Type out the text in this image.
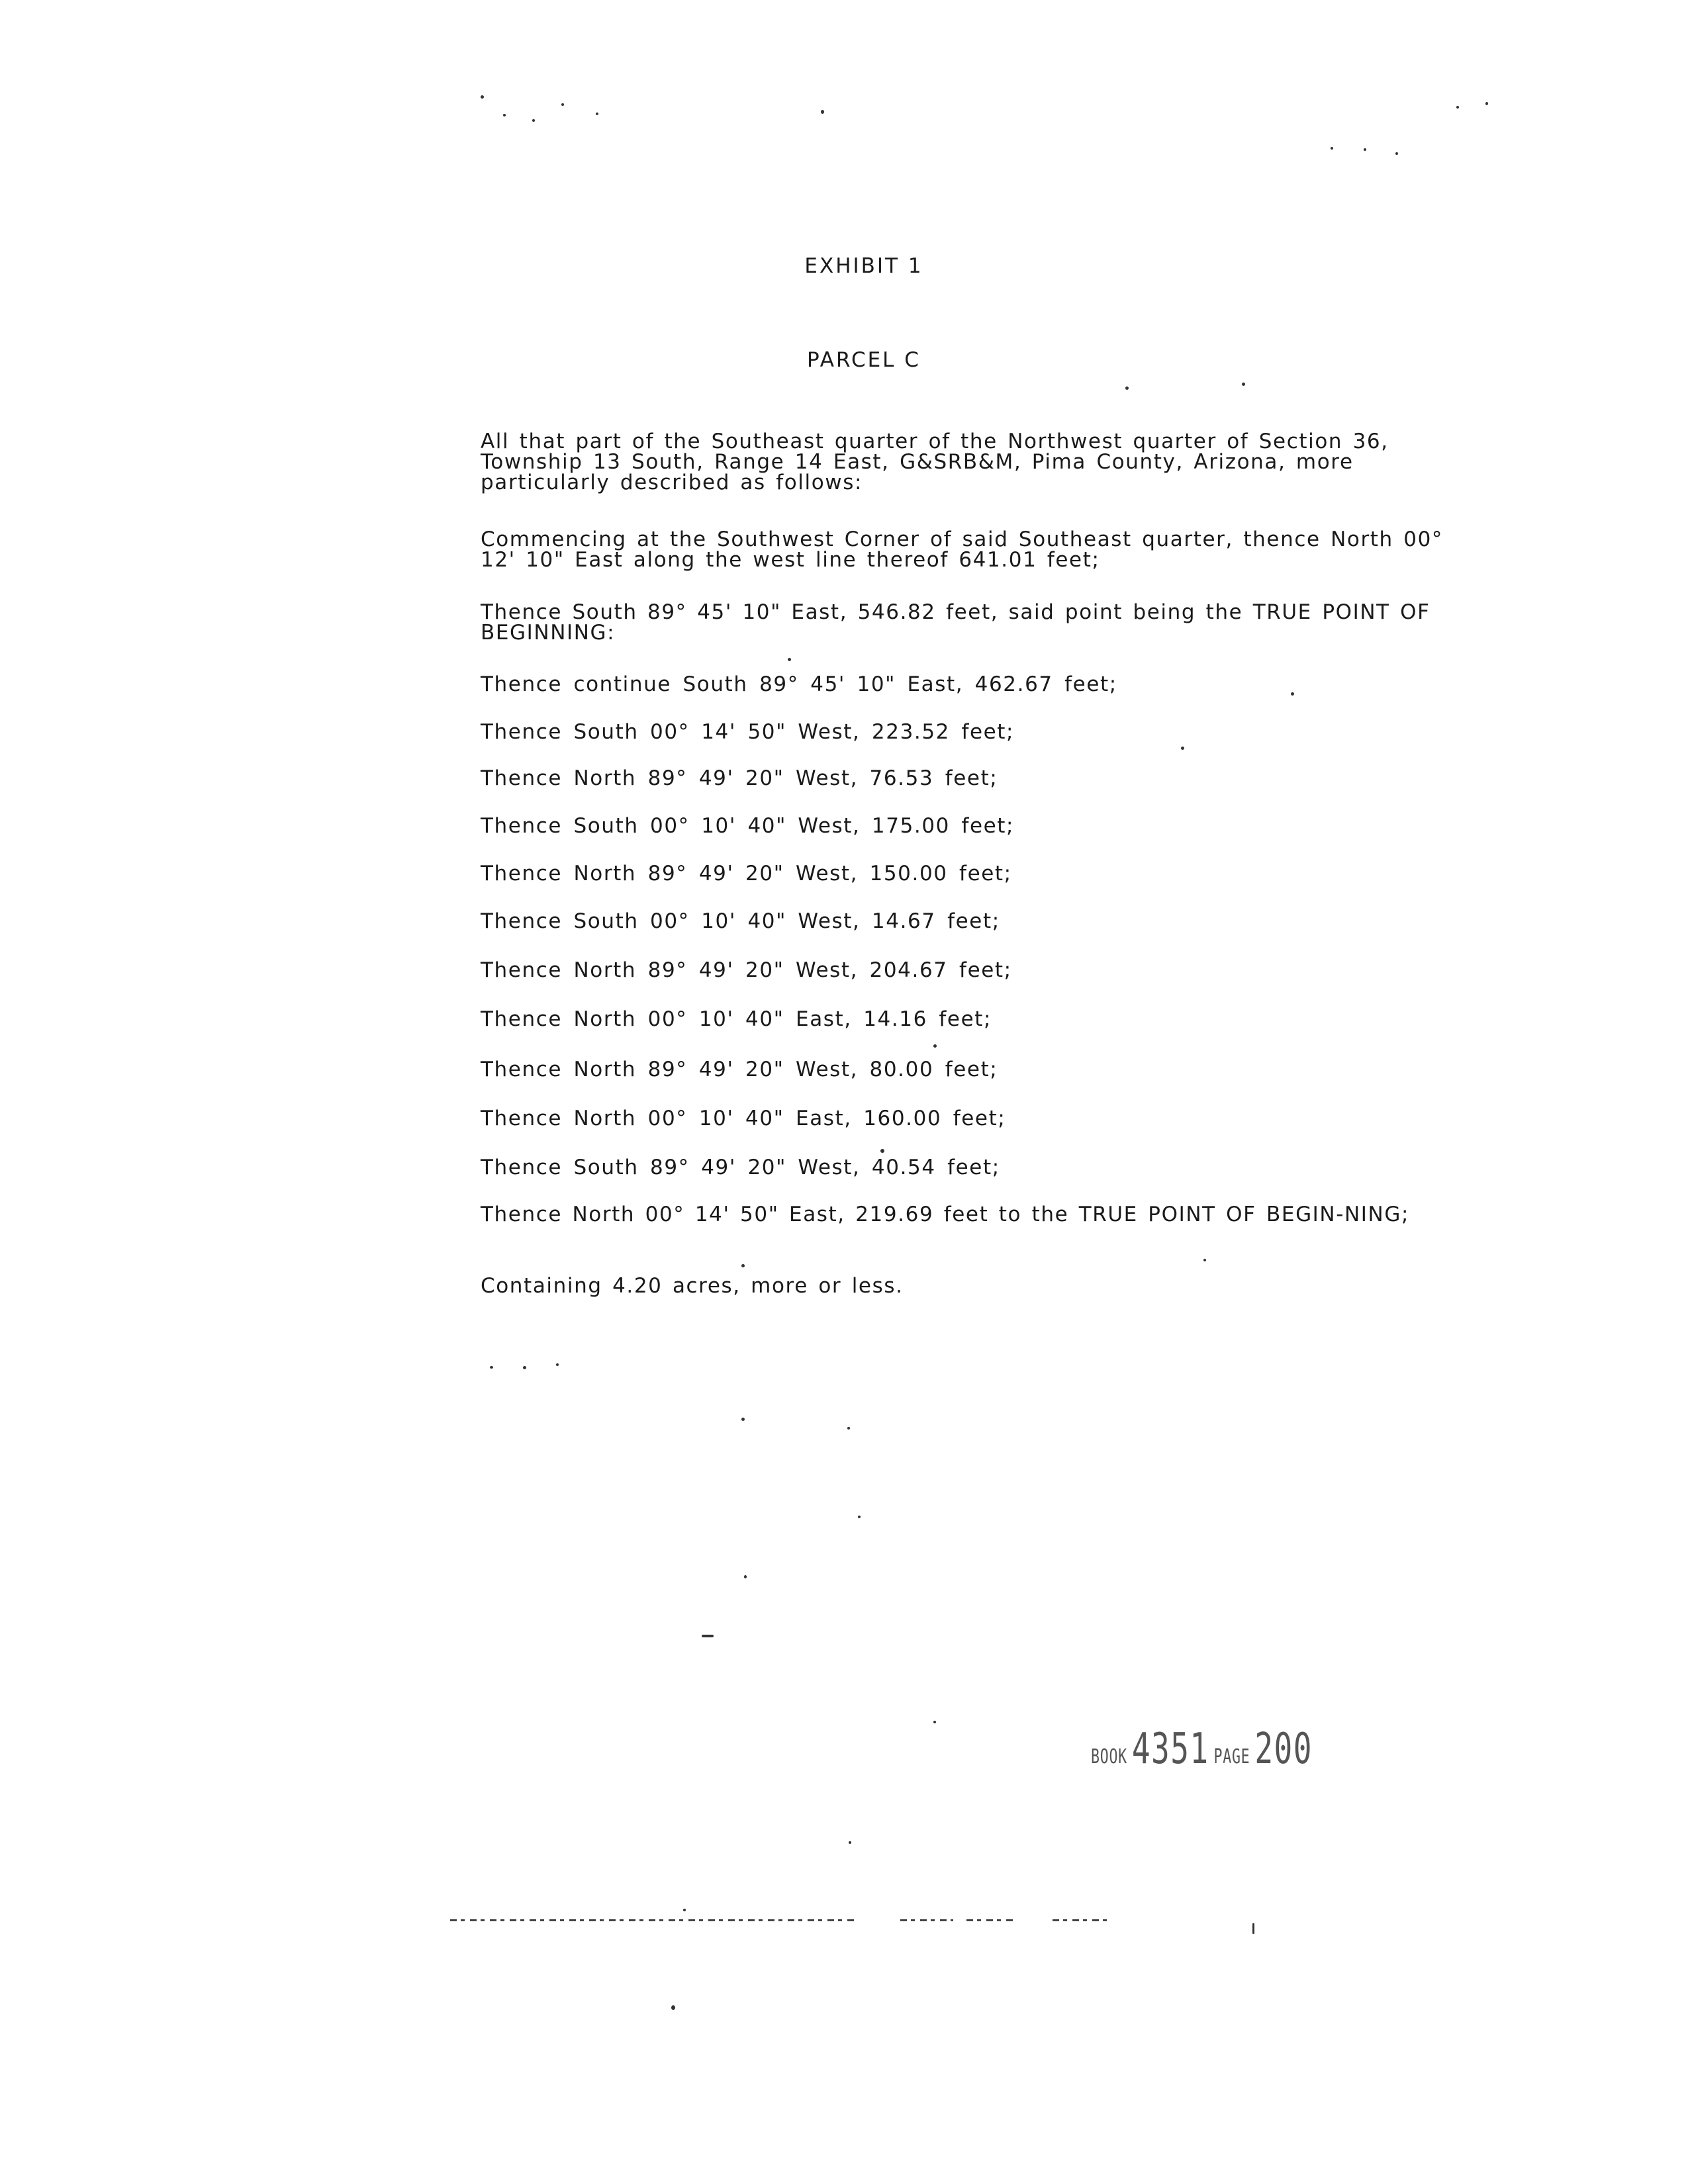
EXHIBIT 1
PARCEL C
All that part of the Southeast quarter of the Northwest quarter of Section 36, Township 13 South, Range 14 East, G&SRB&M, Pima County, Arizona, more particularly described as follows:
Commencing at the Southwest Corner of said Southeast quarter, thence North 00° 12' 10" East along the west line thereof 641.01 feet;
Thence South 89° 45' 10" East, 546.82 feet, said point being the TRUE POINT OF BEGINNING:
Thence continue South 89° 45' 10" East, 462.67 feet;
Thence South 00° 14' 50" West, 223.52 feet;
Thence North 89° 49' 20" West, 76.53 feet;
Thence South 00° 10' 40" West, 175.00 feet;
Thence North 89° 49' 20" West, 150.00 feet;
Thence South 00° 10' 40" West, 14.67 feet;
Thence North 89° 49' 20" West, 204.67 feet;
Thence North 00° 10' 40" East, 14.16 feet;
Thence North 89° 49' 20" West, 80.00 feet;
Thence North 00° 10' 40" East, 160.00 feet;
Thence South 89° 49' 20" West, 40.54 feet;
Thence North 00° 14' 50" East, 219.69 feet to the TRUE POINT OF BEGIN-NING;
Containing 4.20 acres, more or less.
BOOK 4351 PAGE 200
